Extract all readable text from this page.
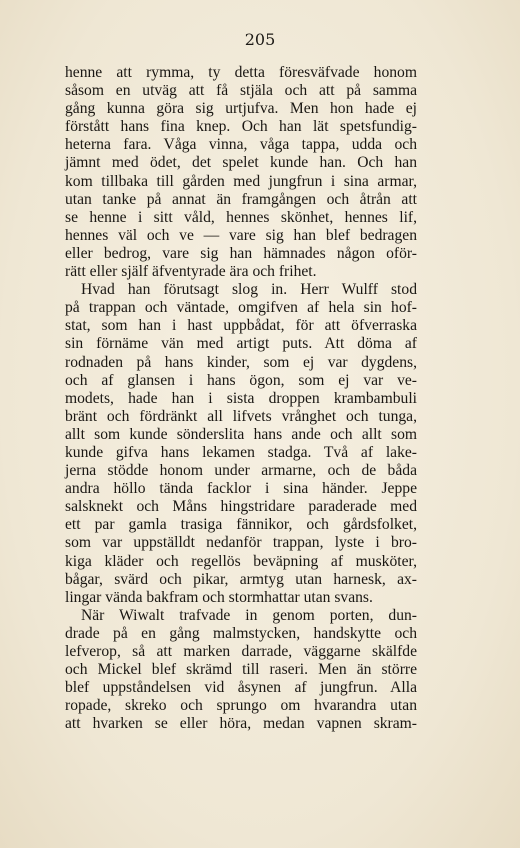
205
henne att rymma, ty detta föresväfvade honom
såsom en utväg att få stjäla och att på samma
gång kunna göra sig urtjufva. Men hon hade ej
förstått hans fina knep. Och han lät spetsfundig-
heterna fara. Våga vinna, våga tappa, udda och
jämnt med ödet, det spelet kunde han. Och han
kom tillbaka till gården med jungfrun i sina armar,
utan tanke på annat än framgången och åtrån att
se henne i sitt våld, hennes skönhet, hennes lif,
hennes väl och ve — vare sig han blef bedragen
eller bedrog, vare sig han hämnades någon oför-
rätt eller själf äfventyrade ära och frihet.
Hvad han förutsagt slog in. Herr Wulff stod
på trappan och väntade, omgifven af hela sin hof-
stat, som han i hast uppbådat, för att öfverraska
sin förnäme vän med artigt puts. Att döma af
rodnaden på hans kinder, som ej var dygdens,
och af glansen i hans ögon, som ej var ve-
modets, hade han i sista droppen krambambuli
bränt och fördränkt all lifvets vrånghet och tunga,
allt som kunde sönderslita hans ande och allt som
kunde gifva hans lekamen stadga. Två af lake-
jerna stödde honom under armarne, och de båda
andra höllo tända facklor i sina händer. Jeppe
salsknekt och Måns hingstridare paraderade med
ett par gamla trasiga fännikor, och gårdsfolket,
som var uppställdt nedanför trappan, lyste i bro-
kiga kläder och regellös beväpning af musköter,
bågar, svärd och pikar, armtyg utan harnesk, ax-
lingar vända bakfram och stormhattar utan svans.
När Wiwalt trafvade in genom porten, dun-
drade på en gång malmstycken, handskytte och
lefverop, så att marken darrade, väggarne skälfde
och Mickel blef skrämd till raseri. Men än större
blef uppståndelsen vid åsynen af jungfrun. Alla
ropade, skreko och sprungo om hvarandra utan
att hvarken se eller höra, medan vapnen skram-
